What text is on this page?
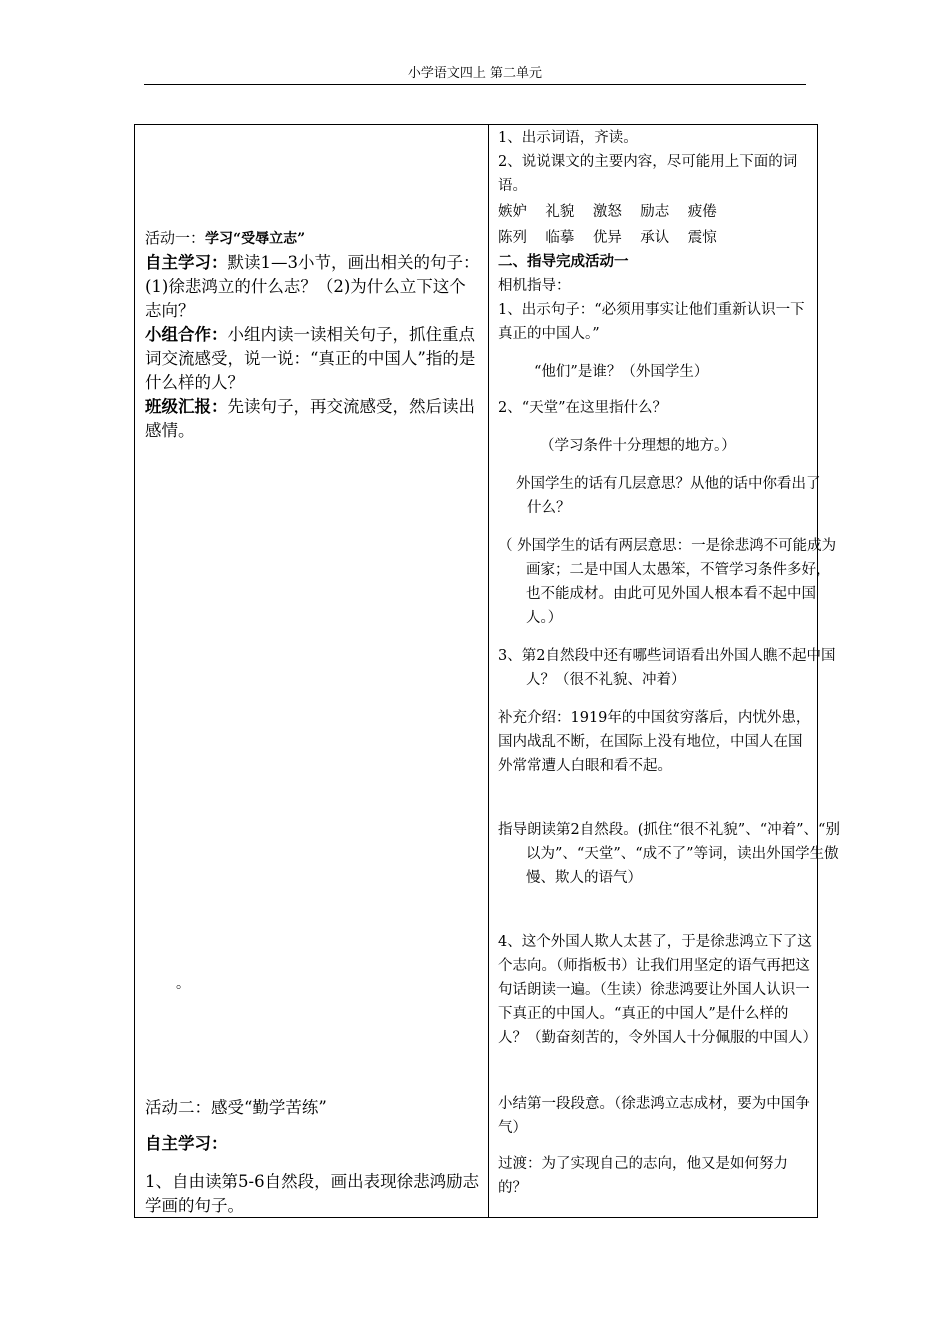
小学语文四上 第二单元
活动一：学习“受辱立志”
自主学习：默读1—3小节，画出相关的句子：(1)徐悲鸿立的什么志？（2)为什么立下这个志向？
小组合作：小组内读一读相关句子，抓住重点词交流感受，说一说：“真正的中国人”指的是什么样的人？
班级汇报：先读句子，再交流感受，然后读出感情。
。
活动二：感受“勤学苦练”
自主学习：
1、自由读第5-6自然段，画出表现徐悲鸿励志学画的句子。
1、出示词语，齐读。
2、说说课文的主要内容，尽可能用上下面的词语。
嫉妒    礼貌    激怒    励志    疲倦
陈列    临摹    优异    承认    震惊
二、指导完成活动一
相机指导：
1、出示句子：“必须用事实让他们重新认识一下真正的中国人。”
“他们”是谁？（外国学生）
2、“天堂”在这里指什么？
（学习条件十分理想的地方。）
外国学生的话有几层意思？从他的话中你看出了什么？
（ 外国学生的话有两层意思：一是徐悲鸿不可能成为画家；二是中国人太愚笨，不管学习条件多好，也不能成材。由此可见外国人根本看不起中国人。）
3、第2自然段中还有哪些词语看出外国人瞧不起中国人？（很不礼貌、冲着）
补充介绍：1919年的中国贫穷落后，内忧外患，国内战乱不断，在国际上没有地位，中国人在国外常常遭人白眼和看不起。
指导朗读第2自然段。(抓住“很不礼貌”、“冲着”、“别以为”、“天堂”、“成不了”等词，读出外国学生傲慢、欺人的语气）
4、这个外国人欺人太甚了，于是徐悲鸿立下了这个志向。（师指板书）让我们用坚定的语气再把这句话朗读一遍。（生读）徐悲鸿要让外国人认识一下真正的中国人。“真正的中国人”是什么样的人？（勤奋刻苦的，令外国人十分佩服的中国人）
小结第一段段意。（徐悲鸿立志成材，要为中国争气）
过渡：为了实现自己的志向，他又是如何努力的？
